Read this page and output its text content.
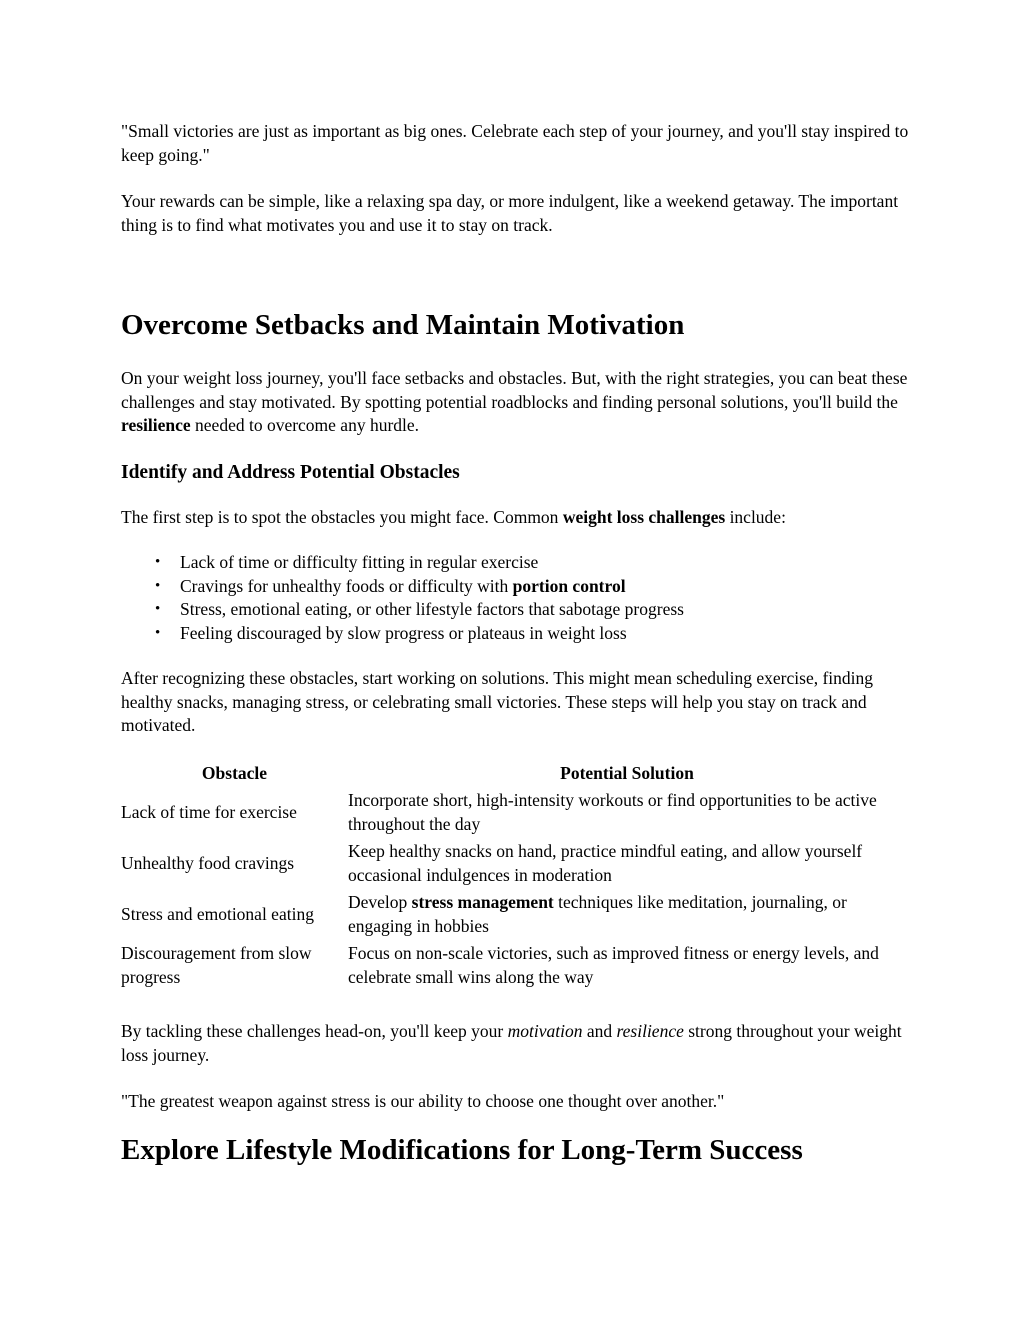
"Small victories are just as important as big ones. Celebrate each step of your journey, and you'll stay inspired to keep going."

Your rewards can be simple, like a relaxing spa day, or more indulgent, like a weekend getaway. The important thing is to find what motivates you and use it to stay on track.

Overcome Setbacks and Maintain Motivation

On your weight loss journey, you'll face setbacks and obstacles. But, with the right strategies, you can beat these challenges and stay motivated. By spotting potential roadblocks and finding personal solutions, you'll build the resilience needed to overcome any hurdle.

Identify and Address Potential Obstacles

The first step is to spot the obstacles you might face. Common weight loss challenges include:

• Lack of time or difficulty fitting in regular exercise
• Cravings for unhealthy foods or difficulty with portion control
• Stress, emotional eating, or other lifestyle factors that sabotage progress
• Feeling discouraged by slow progress or plateaus in weight loss

After recognizing these obstacles, start working on solutions. This might mean scheduling exercise, finding healthy snacks, managing stress, or celebrating small victories. These steps will help you stay on track and motivated.

Obstacle	Potential Solution
Lack of time for exercise	Incorporate short, high-intensity workouts or find opportunities to be active throughout the day
Unhealthy food cravings	Keep healthy snacks on hand, practice mindful eating, and allow yourself occasional indulgences in moderation
Stress and emotional eating	Develop stress management techniques like meditation, journaling, or engaging in hobbies
Discouragement from slow progress	Focus on non-scale victories, such as improved fitness or energy levels, and celebrate small wins along the way

By tackling these challenges head-on, you'll keep your motivation and resilience strong throughout your weight loss journey.

"The greatest weapon against stress is our ability to choose one thought over another."

Explore Lifestyle Modifications for Long-Term Success
